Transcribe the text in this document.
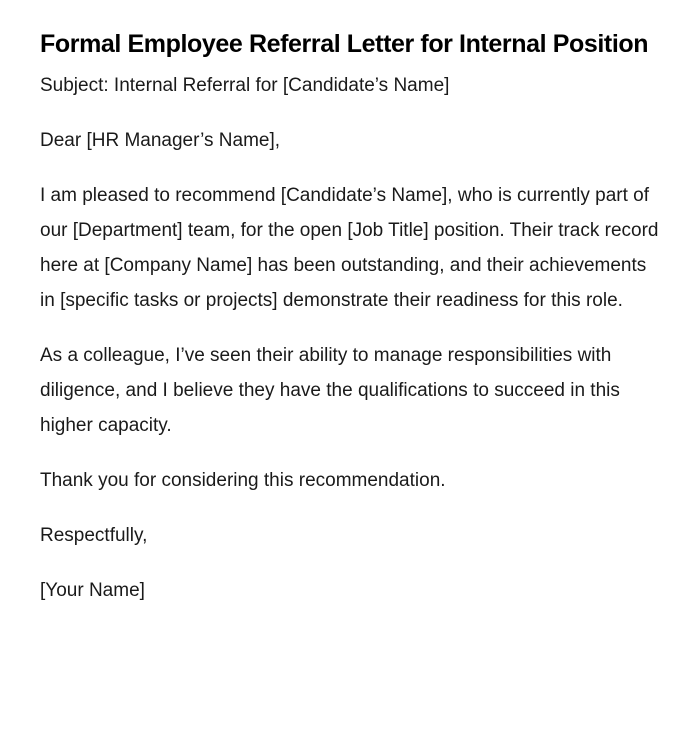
Formal Employee Referral Letter for Internal Position

Subject: Internal Referral for [Candidate’s Name]

Dear [HR Manager’s Name],

I am pleased to recommend [Candidate’s Name], who is currently part of our [Department] team, for the open [Job Title] position. Their track record here at [Company Name] has been outstanding, and their achievements in [specific tasks or projects] demonstrate their readiness for this role.

As a colleague, I’ve seen their ability to manage responsibilities with diligence, and I believe they have the qualifications to succeed in this higher capacity.

Thank you for considering this recommendation.

Respectfully,

[Your Name]
